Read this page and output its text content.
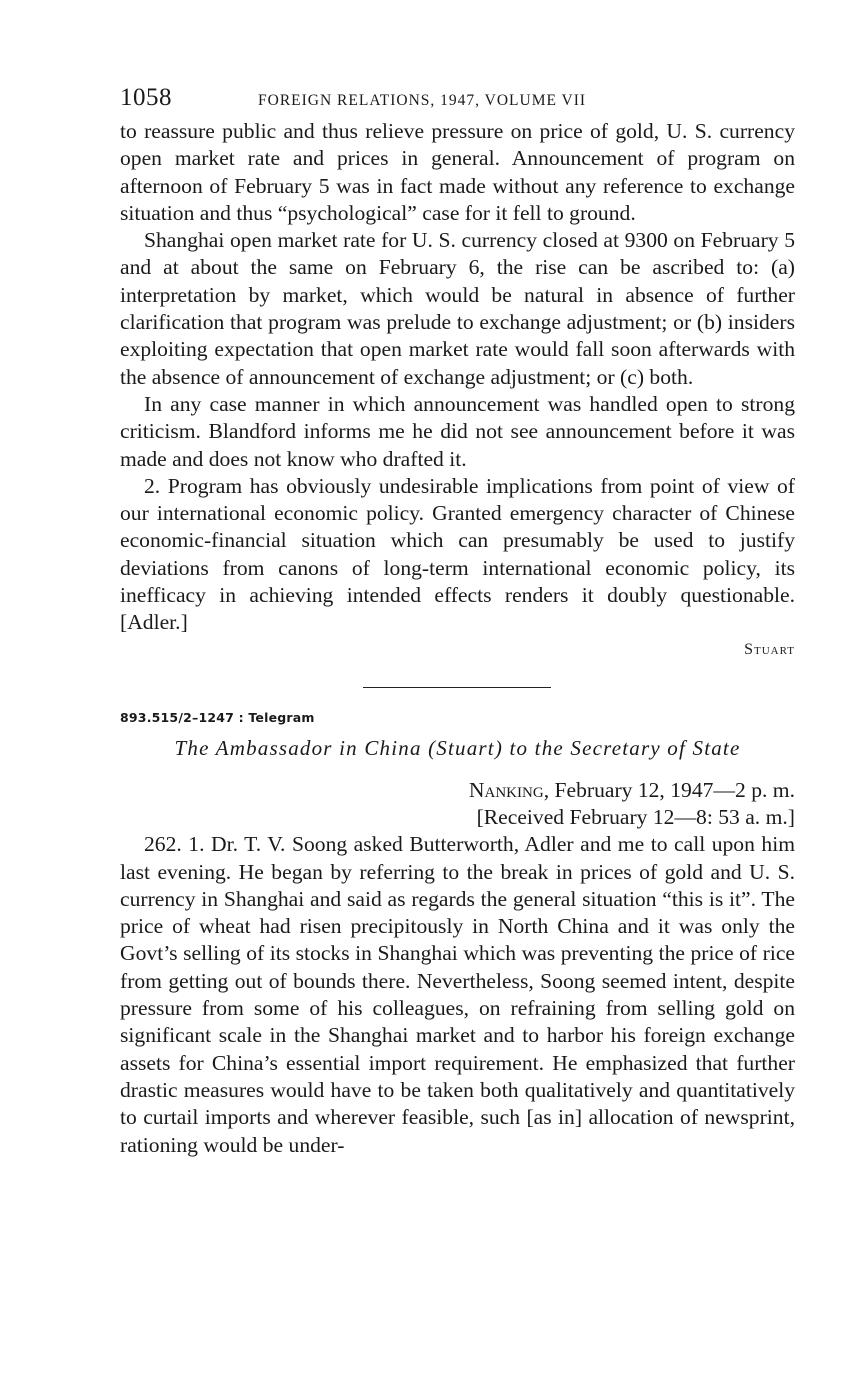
1058	FOREIGN RELATIONS, 1947, VOLUME VII

to reassure public and thus relieve pressure on price of gold, U. S. currency open market rate and prices in general. Announcement of program on afternoon of February 5 was in fact made without any reference to exchange situation and thus “psychological” case for it fell to ground.

Shanghai open market rate for U. S. currency closed at 9300 on February 5 and at about the same on February 6, the rise can be ascribed to: (a) interpretation by market, which would be natural in absence of further clarification that program was prelude to exchange adjustment; or (b) insiders exploiting expectation that open market rate would fall soon afterwards with the absence of announcement of exchange adjustment; or (c) both.

In any case manner in which announcement was handled open to strong criticism. Blandford informs me he did not see announcement before it was made and does not know who drafted it.

2. Program has obviously undesirable implications from point of view of our international economic policy. Granted emergency character of Chinese economic-financial situation which can presumably be used to justify deviations from canons of long-term international economic policy, its inefficacy in achieving intended effects renders it doubly questionable. [Adler.]

Stuart
893.515/2–1247 : Telegram
The Ambassador in China (Stuart) to the Secretary of State
Nanking, February 12, 1947—2 p. m.
[Received February 12—8: 53 a. m.]

262. 1. Dr. T. V. Soong asked Butterworth, Adler and me to call upon him last evening. He began by referring to the break in prices of gold and U. S. currency in Shanghai and said as regards the general situation “this is it”. The price of wheat had risen precipitously in North China and it was only the Govt’s selling of its stocks in Shanghai which was preventing the price of rice from getting out of bounds there. Nevertheless, Soong seemed intent, despite pressure from some of his colleagues, on refraining from selling gold on significant scale in the Shanghai market and to harbor his foreign exchange assets for China’s essential import requirement. He emphasized that further drastic measures would have to be taken both qualitatively and quantitatively to curtail imports and wherever feasible, such [as in] allocation of newsprint, rationing would be under-
